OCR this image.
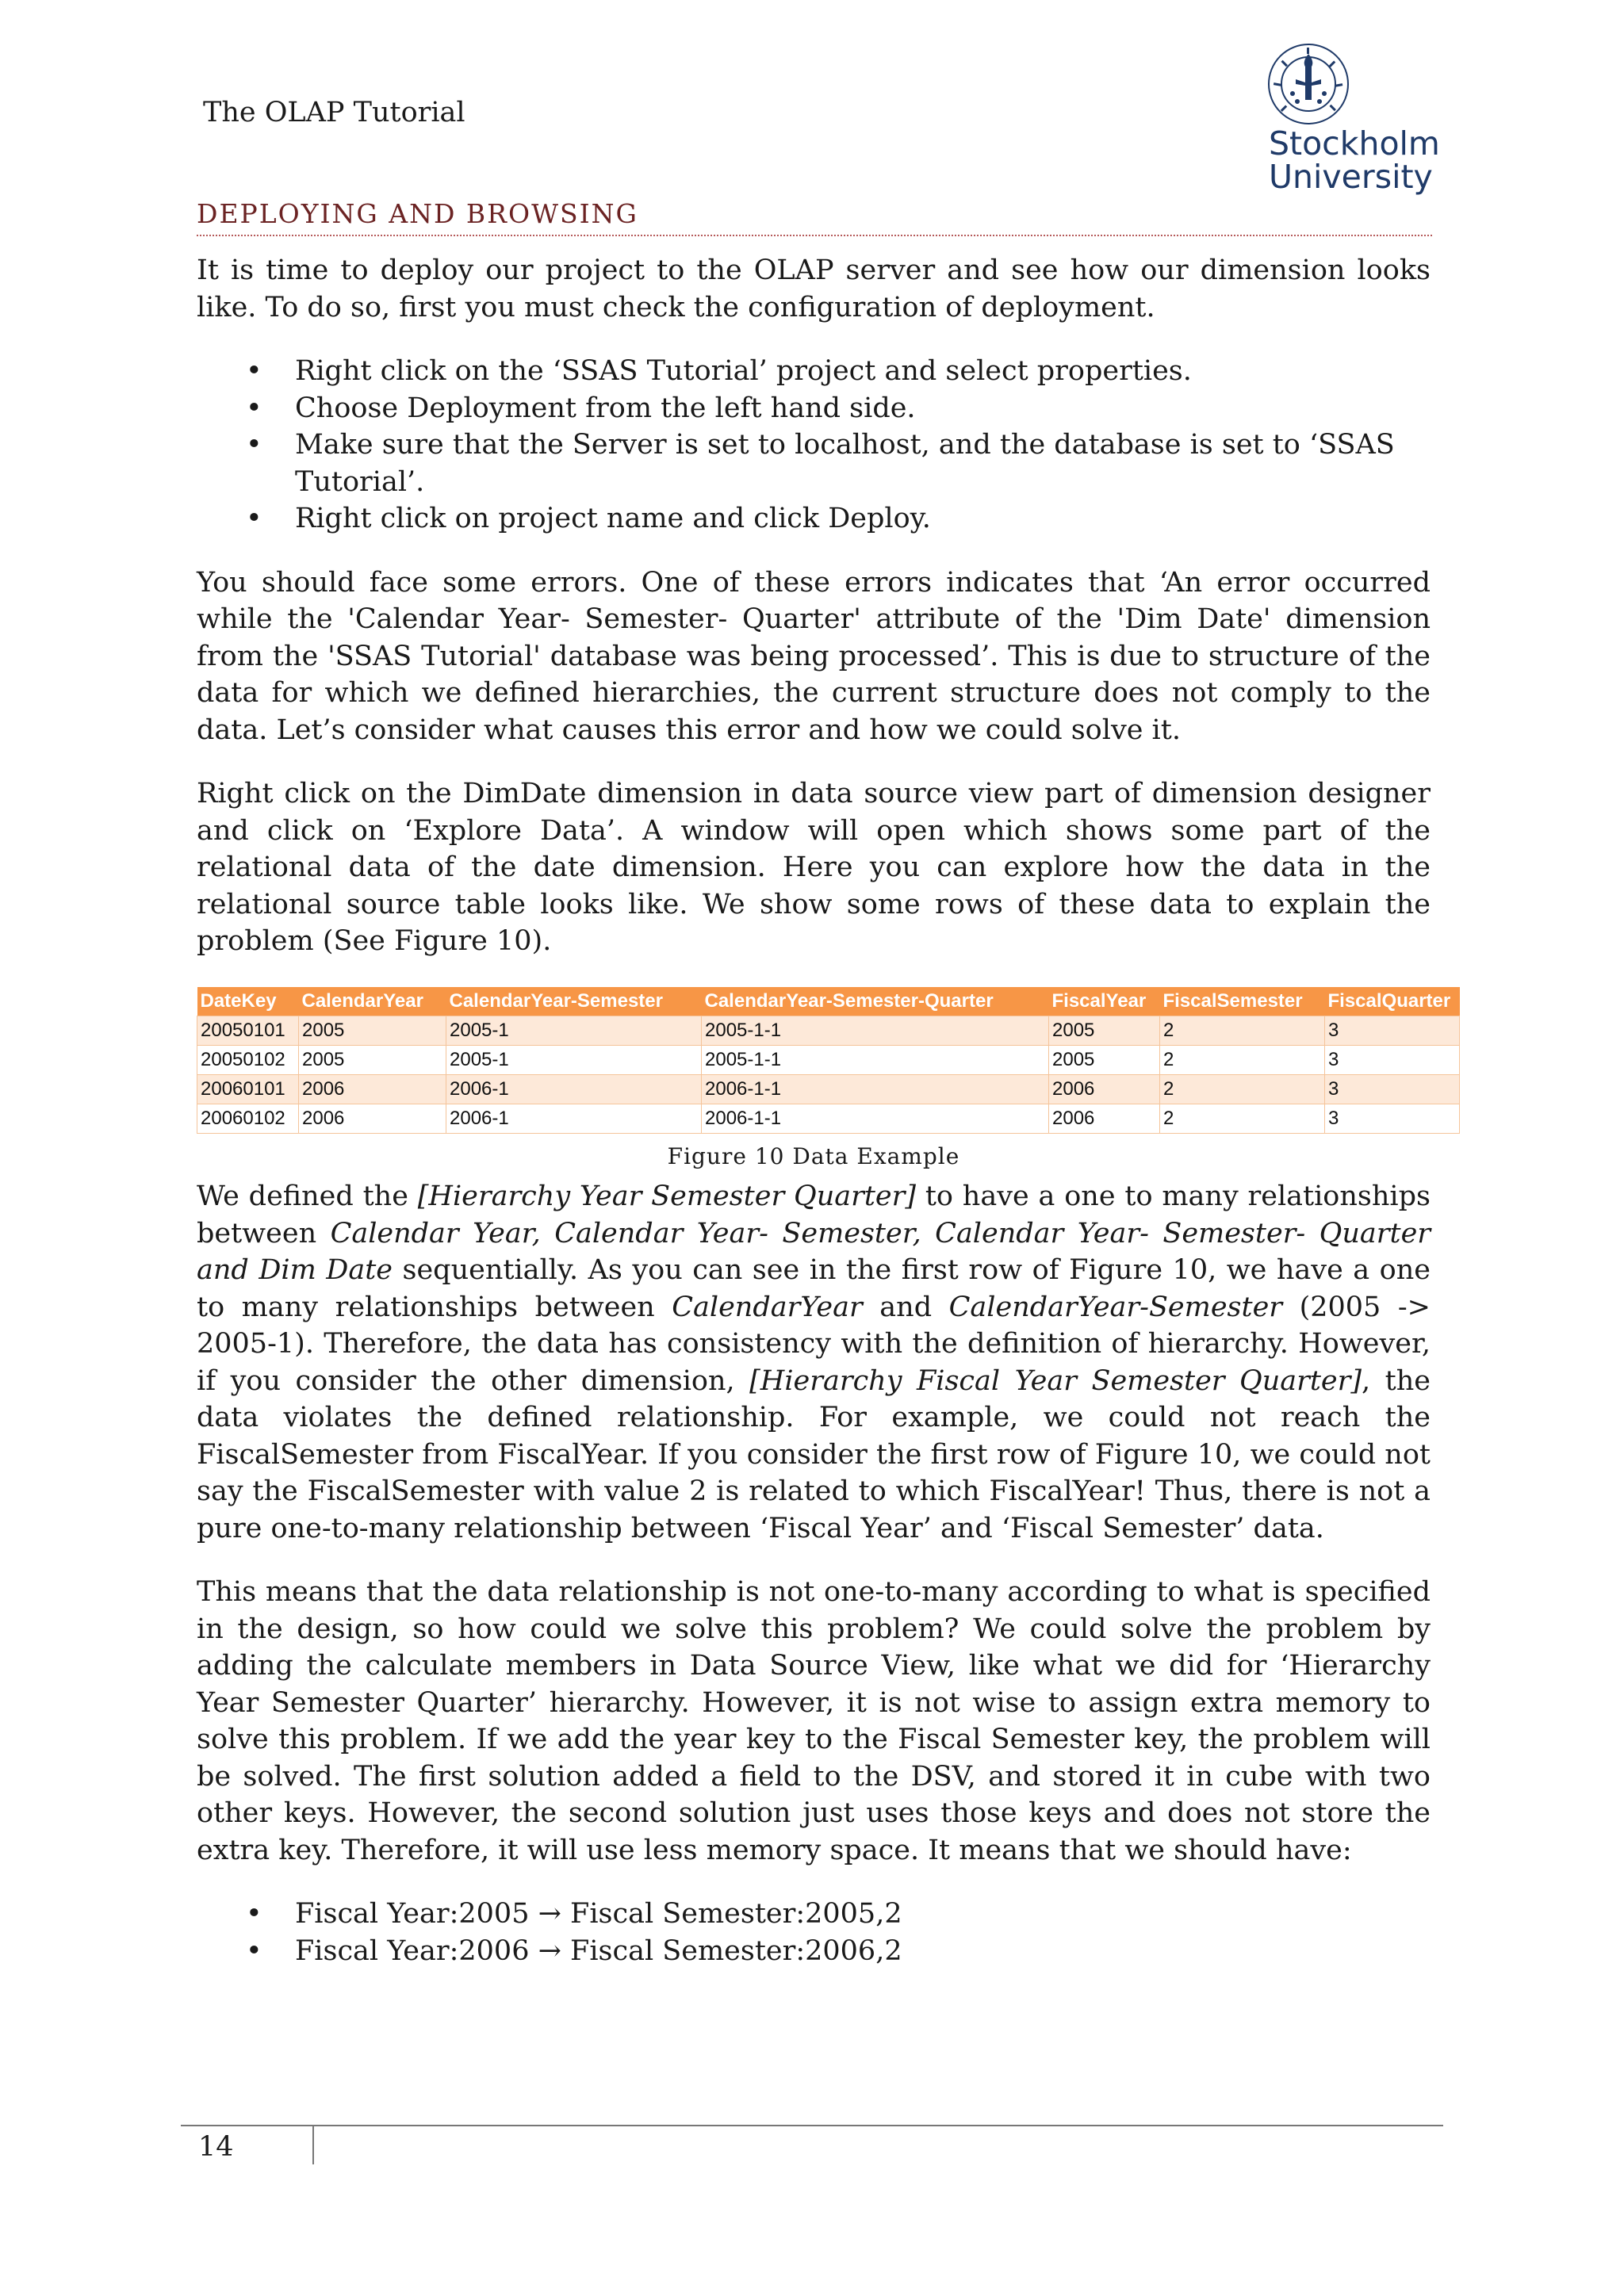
The OLAP Tutorial
Stockholm
University
DEPLOYING AND BROWSING

It is time to deploy our project to the OLAP server and see how our dimension looks like. To do so, first you must check the configuration of deployment.

• Right click on the ‘SSAS Tutorial’ project and select properties.
• Choose Deployment from the left hand side.
• Make sure that the Server is set to localhost, and the database is set to ‘SSAS Tutorial’.
• Right click on project name and click Deploy.

You should face some errors. One of these errors indicates that ‘An error occurred while the 'Calendar Year- Semester- Quarter' attribute of the 'Dim Date' dimension from the 'SSAS Tutorial' database was being processed’. This is due to structure of the data for which we defined hierarchies, the current structure does not comply to the data. Let’s consider what causes this error and how we could solve it.

Right click on the DimDate dimension in data source view part of dimension designer and click on ‘Explore Data’. A window will open which shows some part of the relational data of the date dimension. Here you can explore how the data in the relational source table looks like. We show some rows of these data to explain the problem (See Figure 10).

DateKey	CalendarYear	CalendarYear-Semester	CalendarYear-Semester-Quarter	FiscalYear	FiscalSemester	FiscalQuarter
20050101	2005	2005-1	2005-1-1	2005	2	3
20050102	2005	2005-1	2005-1-1	2005	2	3
20060101	2006	2006-1	2006-1-1	2006	2	3
20060102	2006	2006-1	2006-1-1	2006	2	3
Figure 10 Data Example

We defined the [Hierarchy Year Semester Quarter] to have a one to many relationships between Calendar Year, Calendar Year- Semester, Calendar Year- Semester- Quarter and Dim Date sequentially. As you can see in the first row of Figure 10, we have a one to many relationships between CalendarYear and CalendarYear-Semester (2005 -> 2005-1). Therefore, the data has consistency with the definition of hierarchy. However, if you consider the other dimension, [Hierarchy Fiscal Year Semester Quarter], the data violates the defined relationship. For example, we could not reach the FiscalSemester from FiscalYear. If you consider the first row of Figure 10, we could not say the FiscalSemester with value 2 is related to which FiscalYear! Thus, there is not a pure one-to-many relationship between ‘Fiscal Year’ and ‘Fiscal Semester’ data.

This means that the data relationship is not one-to-many according to what is specified in the design, so how could we solve this problem? We could solve the problem by adding the calculate members in Data Source View, like what we did for ‘Hierarchy Year Semester Quarter’ hierarchy. However, it is not wise to assign extra memory to solve this problem. If we add the year key to the Fiscal Semester key, the problem will be solved. The first solution added a field to the DSV, and stored it in cube with two other keys. However, the second solution just uses those keys and does not store the extra key. Therefore, it will use less memory space. It means that we should have:

• Fiscal Year:2005 → Fiscal Semester:2005,2
• Fiscal Year:2006 → Fiscal Semester:2006,2
14
